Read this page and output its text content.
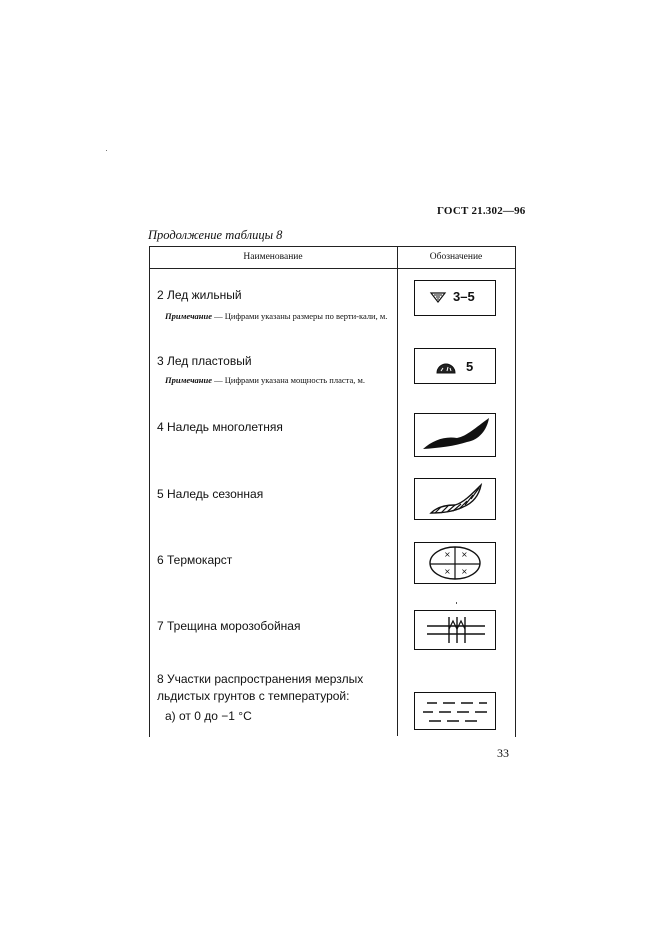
ГОСТ 21.302—96
Продолжение таблицы 8
Наименование	Обозначение
2 Лед жильный
Примечание — Цифрами указаны размеры по верти-кали, м.
3–5
3 Лед пластовый
Примечание — Цифрами указана мощность пласта, м.
5
4 Наледь многолетняя
5 Наледь сезонная
6 Термокарст	× ×
× ×
7 Трещина морозобойная
8 Участки распространения мерзлых льдистых грунтов с температурой:
а) от 0 до −1 °С
33
